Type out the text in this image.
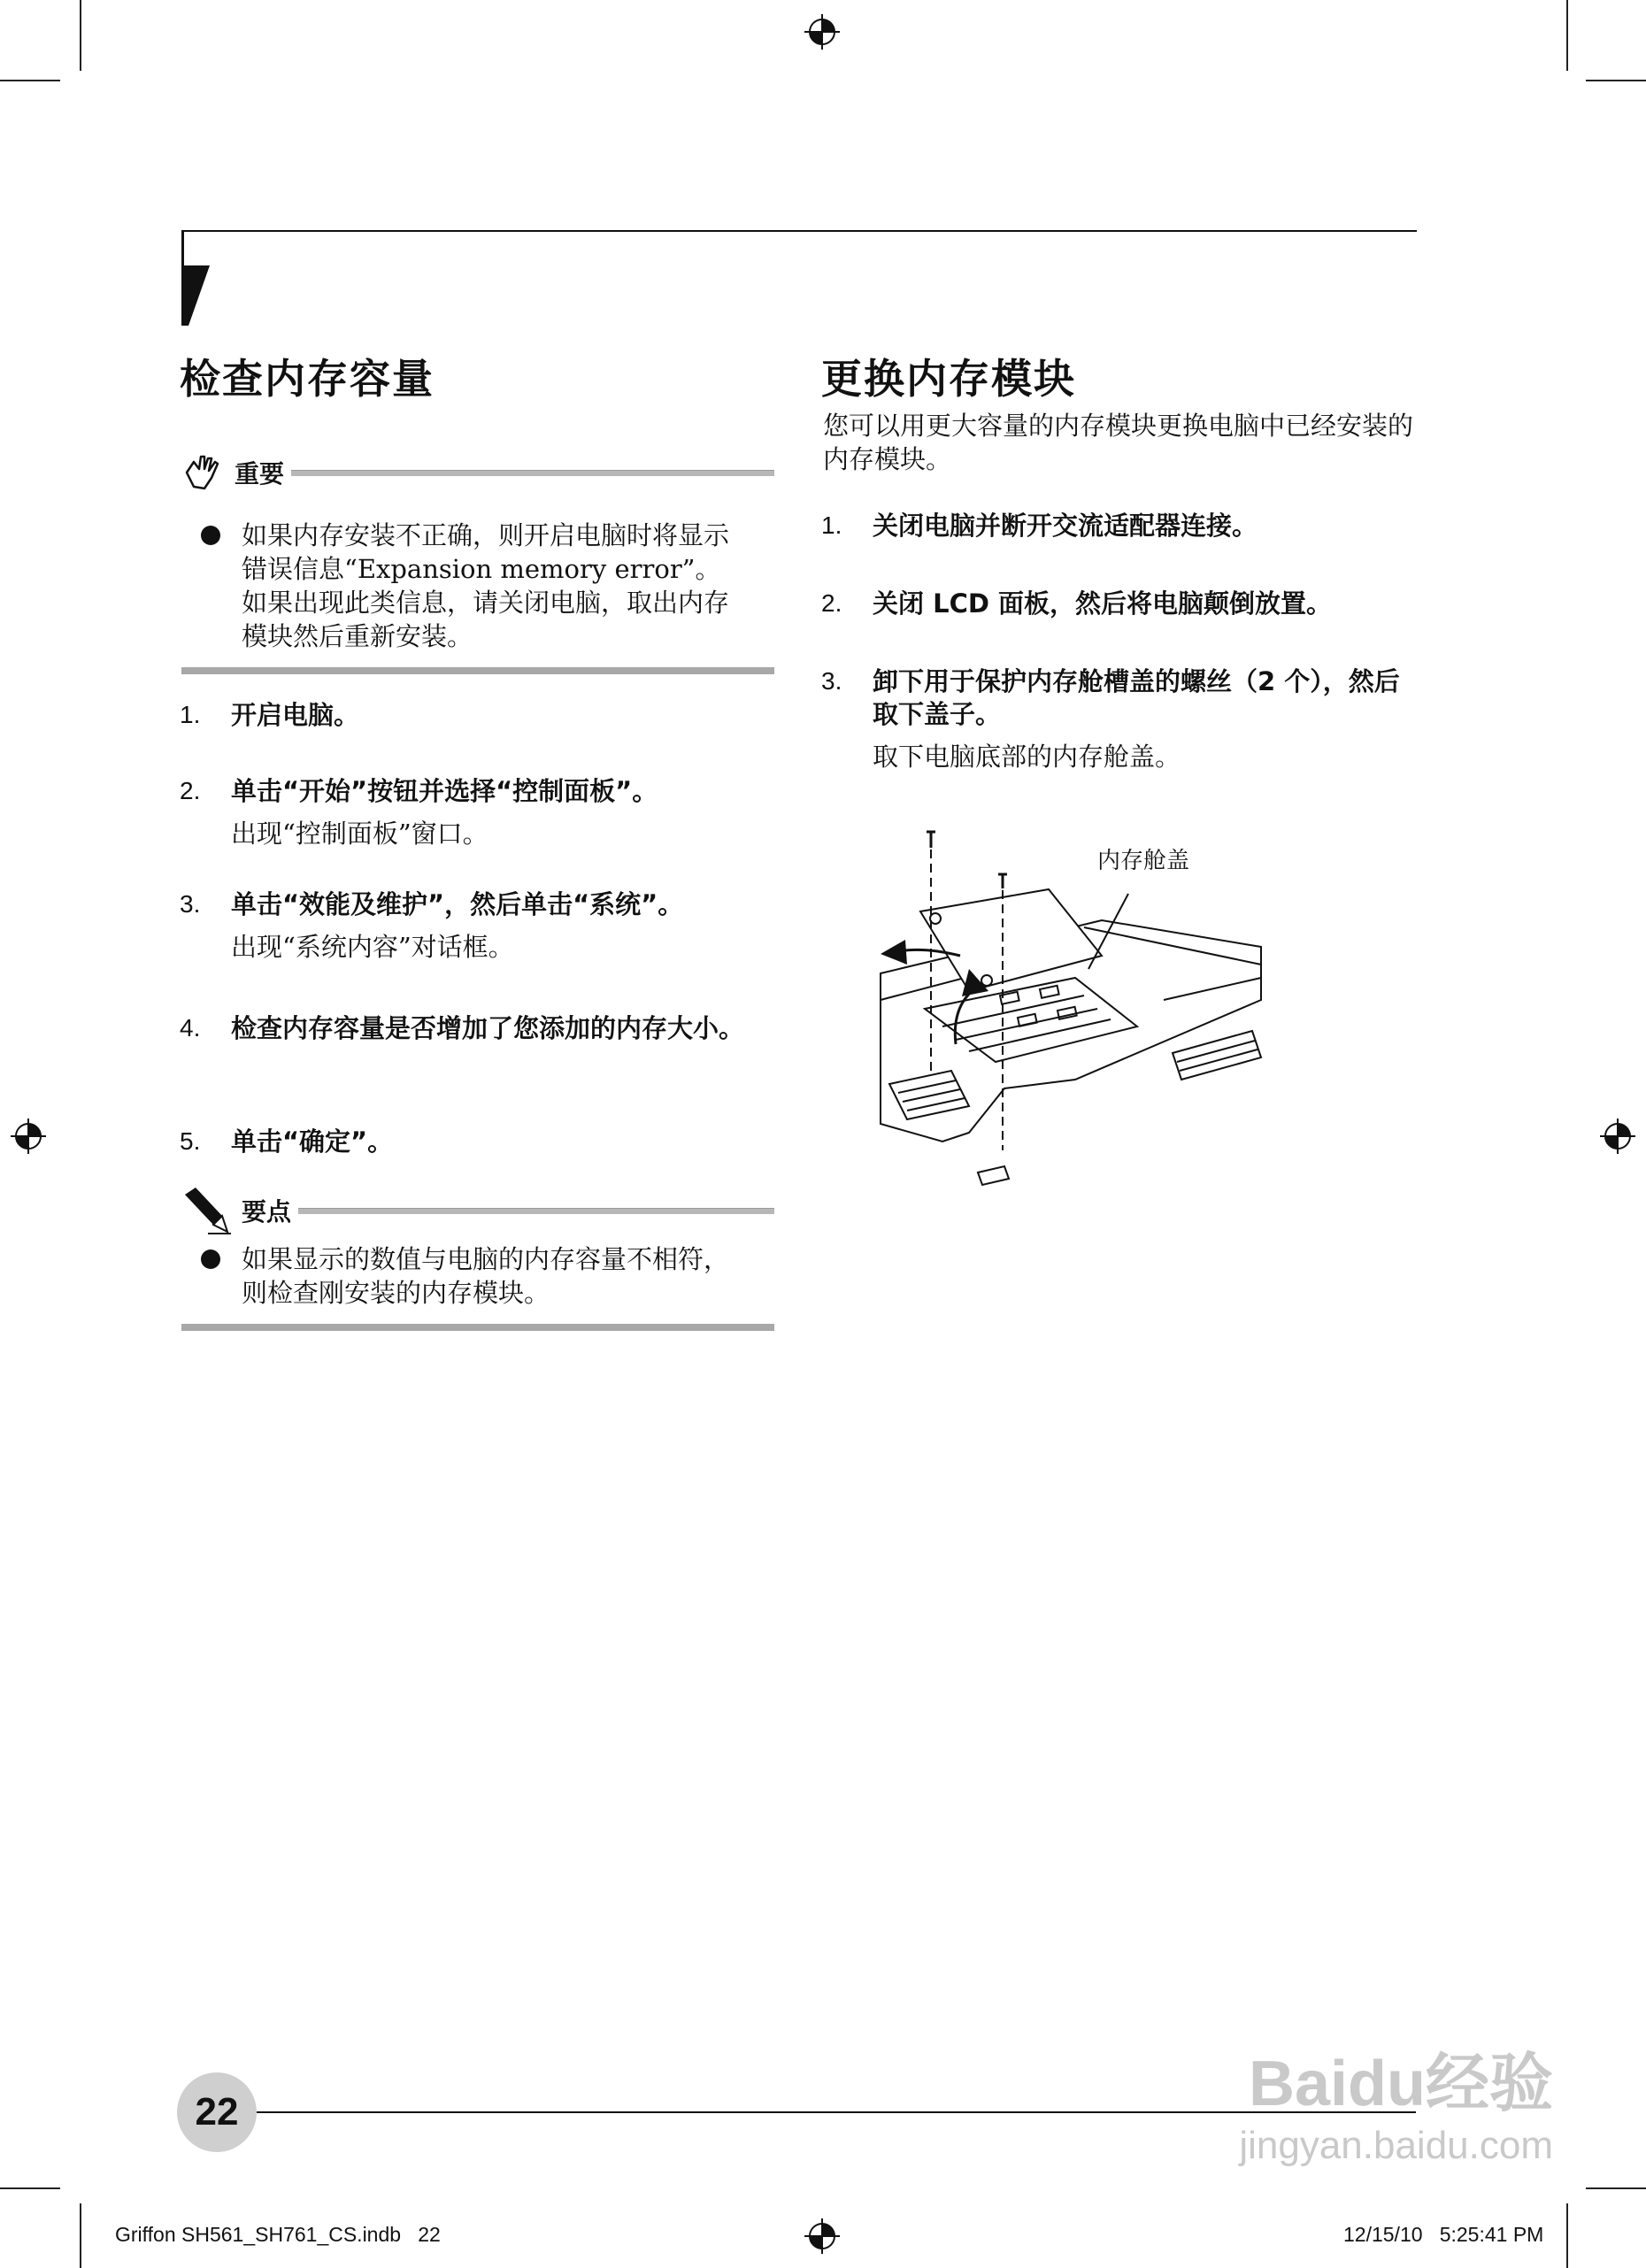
检查内存容量
重要
如果内存安装不正确，则开启电脑时将显示错误信息“Expansion memory error”。如果出现此类信息，请关闭电脑，取出内存模块然后重新安装。
1.	开启电脑。
2.	单击“开始”按钮并选择“控制面板”。
出现“控制面板”窗口。
3.	单击“效能及维护”，然后单击“系统”。
出现“系统内容”对话框。
4.	检查内存容量是否增加了您添加的内存大小。
5.	单击“确定”。
要点
如果显示的数值与电脑的内存容量不相符，则检查刚安装的内存模块。
更换内存模块
您可以用更大容量的内存模块更换电脑中已经安装的内存模块。
1.	关闭电脑并断开交流适配器连接。
2.	关闭 LCD 面板，然后将电脑颠倒放置。
3.	卸下用于保护内存舱槽盖的螺丝（2 个），然后取下盖子。
取下电脑底部的内存舱盖。
内存舱盖
22	Baidu经验
jingyan.baidu.com
Griffon SH561_SH761_CS.indb   22	12/15/10   5:25:41 PM
